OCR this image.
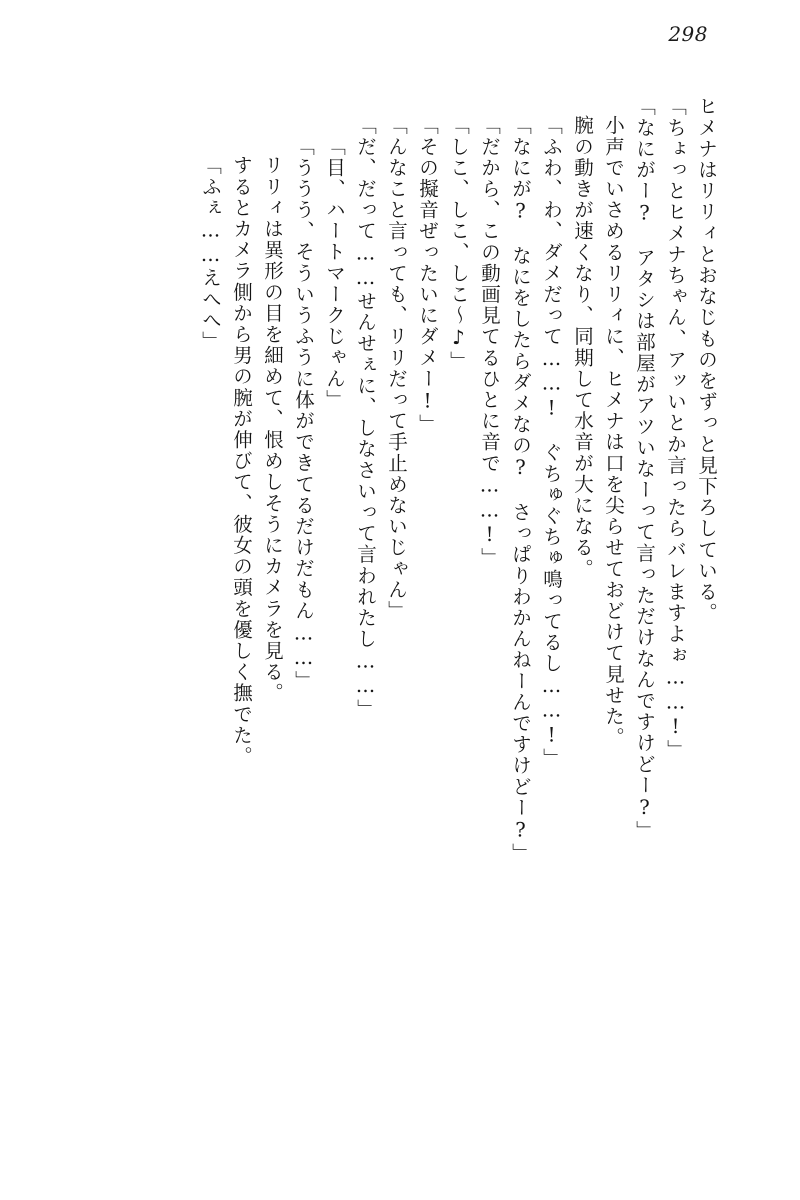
298
ヒメナはリリィとおなじものをずっと見下ろしている。
「ちょっとヒメナちゃん、アッいとか言ったらバレますよぉ……!」
「なにがー?　アタシは部屋がアツいなーって言っただけなんですけどー?」
小声でいさめるリリィに、ヒメナは口を尖らせておどけて見せた。
腕の動きが速くなり、同期して水音が大になる。
「ふわ、わ、ダメだって……!　ぐちゅぐちゅ鳴ってるし……!」
「なにが?　なにをしたらダメなの?　さっぱりわかんねーんですけどー?」
「だから、この動画見てるひとに音で……!」
「しこ、しこ、しこ〜♪」
「その擬音ぜったいにダメー!」
「んなこと言っても、リリだって手止めないじゃん」
「だ、だって……せんせぇに、しなさいって言われたし……」
「目、ハートマークじゃん」
「ううう、そういうふうに体ができてるだけだもん……」
リリィは異形の目を細めて、恨めしそうにカメラを見る。
するとカメラ側から男の腕が伸びて、彼女の頭を優しく撫でた。
「ふぇ……えへへ」
